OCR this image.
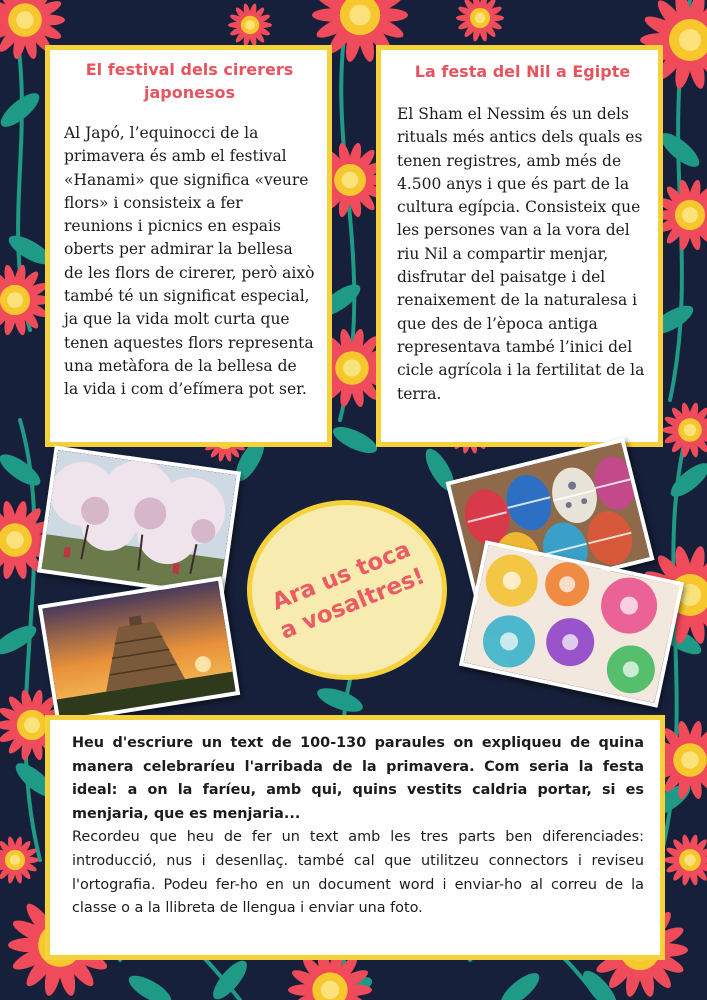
El festival dels cirerers japonesos

Al Japó, l’equinocci de la primavera és amb el festival «Hanami» que significa «veure flors» i consisteix a fer reunions i picnics en espais oberts per admirar la bellesa de les flors de cirerer, però això també té un significat especial, ja que la vida molt curta que tenen aquestes flors representa una metàfora de la bellesa de la vida i com d’efímera pot ser.

La festa del Nil a Egipte

El Sham el Nessim és un dels rituals més antics dels quals es tenen registres, amb més de 4.500 anys i que és part de la cultura egípcia. Consisteix que les persones van a la vora del riu Nil a compartir menjar, disfrutar del paisatge i del renaixement de la naturalesa i que des de l’època antiga representava també l’inici del cicle agrícola i la fertilitat de la terra.

Ara us toca
a vosaltres!

Heu d'escriure un text de 100-130 paraules on expliqueu de quina manera celebraríeu l'arribada de la primavera. Com seria la festa ideal: a on la faríeu, amb qui, quins vestits caldria portar, si es menjaria, que es menjaria...

Recordeu que heu de fer un text amb les tres parts ben diferenciades: introducció, nus i desenllaç. també cal que utilitzeu connectors i reviseu l'ortografia. Podeu fer-ho en un document word i enviar-ho al correu de la classe o a la llibreta de llengua i enviar una foto.
